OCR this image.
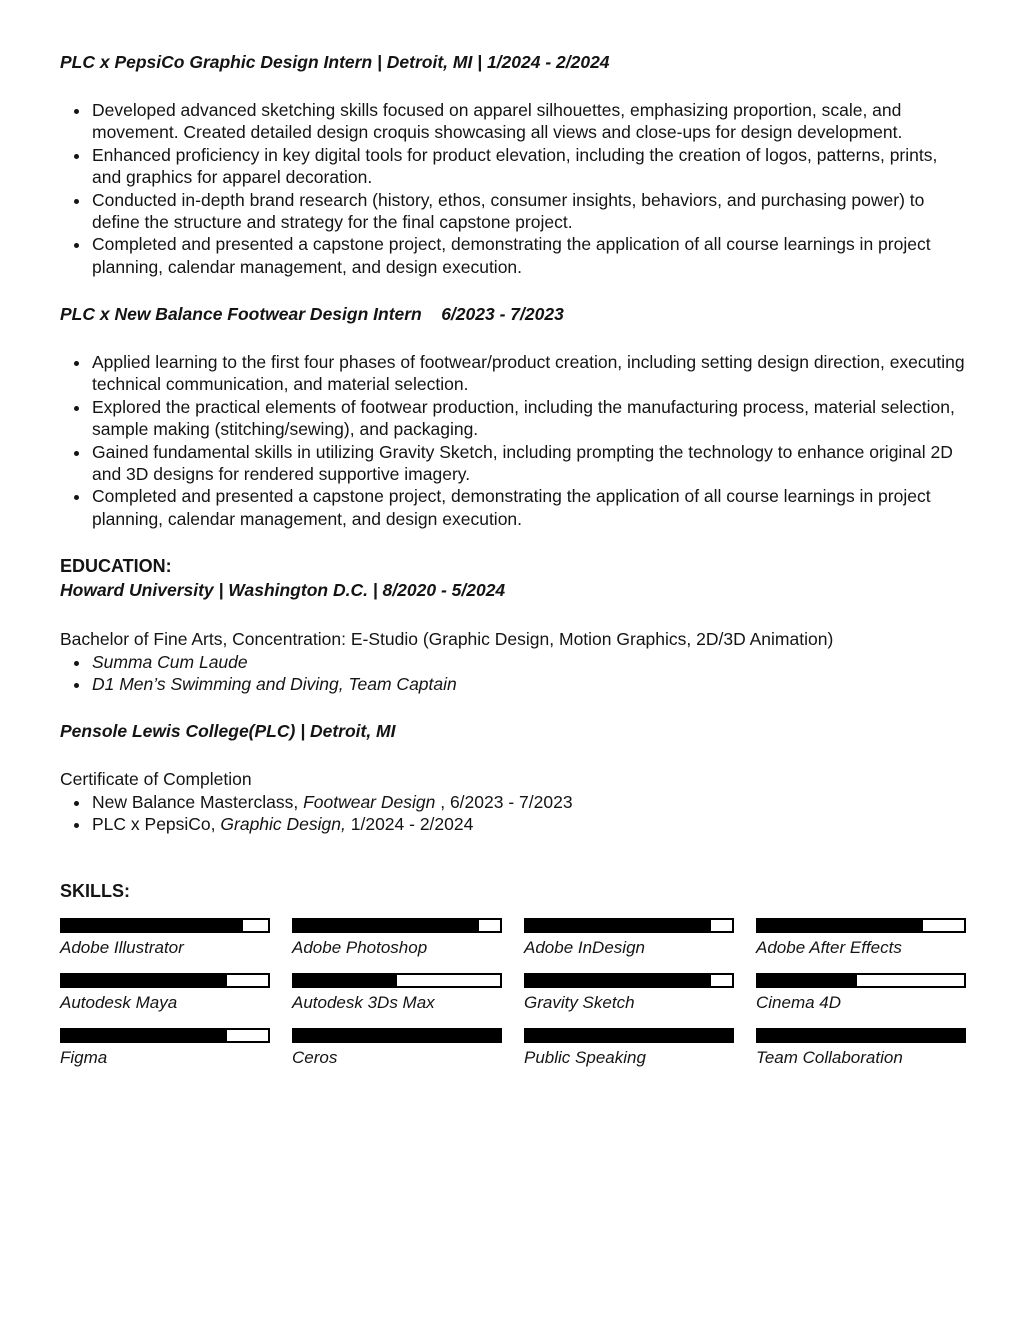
PLC x PepsiCo Graphic Design Intern | Detroit, MI | 1/2024 - 2/2024
• Developed advanced sketching skills focused on apparel silhouettes, emphasizing proportion, scale, and movement. Created detailed design croquis showcasing all views and close-ups for design development.
• Enhanced proficiency in key digital tools for product elevation, including the creation of logos, patterns, prints, and graphics for apparel decoration.
• Conducted in-depth brand research (history, ethos, consumer insights, behaviors, and purchasing power) to define the structure and strategy for the final capstone project.
• Completed and presented a capstone project, demonstrating the application of all course learnings in project planning, calendar management, and design execution.
PLC x New Balance Footwear Design Intern    6/2023 - 7/2023
• Applied learning to the first four phases of footwear/product creation, including setting design direction, executing technical communication, and material selection.
• Explored the practical elements of footwear production, including the manufacturing process, material selection, sample making (stitching/sewing), and packaging.
• Gained fundamental skills in utilizing Gravity Sketch, including prompting the technology to enhance original 2D and 3D designs for rendered supportive imagery.
• Completed and presented a capstone project, demonstrating the application of all course learnings in project planning, calendar management, and design execution.
EDUCATION:
Howard University | Washington D.C. | 8/2020 - 5/2024

Bachelor of Fine Arts, Concentration: E-Studio (Graphic Design, Motion Graphics, 2D/3D Animation)

• Summa Cum Laude
• D1 Men’s Swimming and Diving, Team Captain
Pensole Lewis College(PLC) | Detroit, MI

Certificate of Completion

• New Balance Masterclass, Footwear Design , 6/2023 - 7/2023
• PLC x PepsiCo, Graphic Design, 1/2024 - 2/2024
SKILLS:
Adobe Illustrator	Adobe Photoshop	Adobe InDesign	Adobe After Effects
Autodesk Maya	Autodesk 3Ds Max	Gravity Sketch	Cinema 4D
Figma	Ceros	Public Speaking	Team Collaboration
